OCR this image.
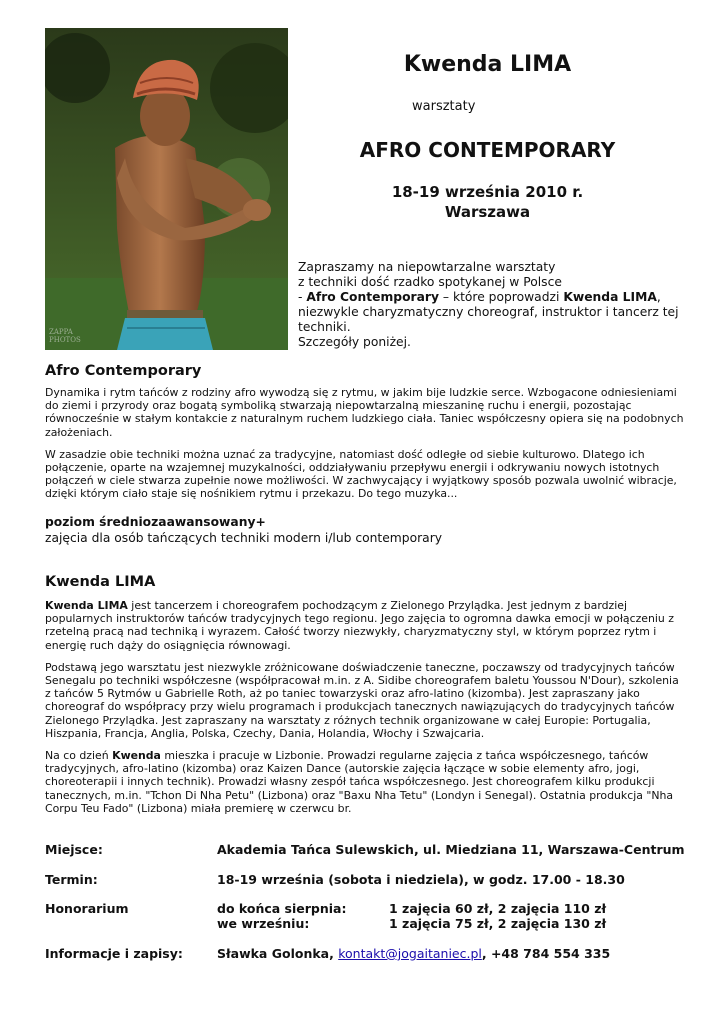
ZAPPA
PHOTOS
Kwenda LIMA
warsztaty
AFRO CONTEMPORARY
18-19 września 2010 r.
Warszawa

Zapraszamy na niepowtarzalne warsztaty

z techniki dość rzadko spotykanej w Polsce

- Afro Contemporary – które poprowadzi Kwenda LIMA,

niezwykle charyzmatyczny choreograf, instruktor i tancerz tej

techniki.

Szczegóły poniżej.

Afro Contemporary

Dynamika i rytm tańców z rodziny afro wywodzą się z rytmu, w jakim bije ludzkie serce. Wzbogacone odniesieniami do ziemi i przyrody oraz bogatą symboliką stwarzają niepowtarzalną mieszaninę ruchu i energii, pozostając równocześnie w stałym kontakcie z naturalnym ruchem ludzkiego ciała. Taniec współczesny opiera się na podobnych założeniach.

W zasadzie obie techniki można uznać za tradycyjne, natomiast dość odległe od siebie kulturowo. Dlatego ich połączenie, oparte na wzajemnej muzykalności, oddziaływaniu przepływu energii i odkrywaniu nowych istotnych połączeń w ciele stwarza zupełnie nowe możliwości. W zachwycający i wyjątkowy sposób pozwala uwolnić wibracje, dzięki którym ciało staje się nośnikiem rytmu i przekazu. Do tego muzyka...

poziom średniozaawansowany+
zajęcia dla osób tańczących techniki modern i/lub contemporary
Kwenda LIMA

Kwenda LIMA jest tancerzem i choreografem pochodzącym z Zielonego Przylądka. Jest jednym z bardziej popularnych instruktorów tańców tradycyjnych tego regionu. Jego zajęcia to ogromna dawka emocji w połączeniu z rzetelną pracą nad techniką i wyrazem. Całość tworzy niezwykły, charyzmatyczny styl, w którym poprzez rytm i energię ruch dąży do osiągnięcia równowagi.

Podstawą jego warsztatu jest niezwykle zróżnicowane doświadczenie taneczne, poczawszy od tradycyjnych tańców Senegalu po techniki współczesne (współpracował m.in. z A. Sidibe choreografem baletu Youssou N'Dour), szkolenia z tańców 5 Rytmów u Gabrielle Roth, aż po taniec towarzyski oraz afro-latino (kizomba). Jest zapraszany jako choreograf do współpracy przy wielu programach i produkcjach tanecznych nawiązujących do tradycyjnych tańców Zielonego Przylądka. Jest zapraszany na warsztaty z różnych technik organizowane w całej Europie: Portugalia, Hiszpania, Francja, Anglia, Polska, Czechy, Dania, Holandia, Włochy i Szwajcaria.

Na co dzień Kwenda mieszka i pracuje w Lizbonie. Prowadzi regularne zajęcia z tańca współczesnego, tańców tradycyjnych, afro-latino (kizomba) oraz Kaizen Dance (autorskie zajęcia łączące w sobie elementy afro, jogi, choreoterapii i innych technik). Prowadzi własny zespół tańca współczesnego. Jest choreografem kilku produkcji tanecznych, m.in. "Tchon Di Nha Petu" (Lizbona) oraz "Baxu Nha Tetu" (Londyn i Senegal). Ostatnia produkcja "Nha Corpu Teu Fado" (Lizbona) miała premierę w czerwcu br.

Miejsce:	Akademia Tańca Sulewskich, ul. Miedziana 11, Warszawa-Centrum
Termin:	18-19 września (sobota i niedziela), w godz. 17.00 - 18.30
Honorarium	do końca sierpnia:	1 zajęcia 60 zł, 2 zajęcia 110 zł
we wrześniu:	1 zajęcia 75 zł, 2 zajęcia 130 zł
Informacje i zapisy:	Sławka Golonka, kontakt@jogaitaniec.pl, +48 784 554 335
